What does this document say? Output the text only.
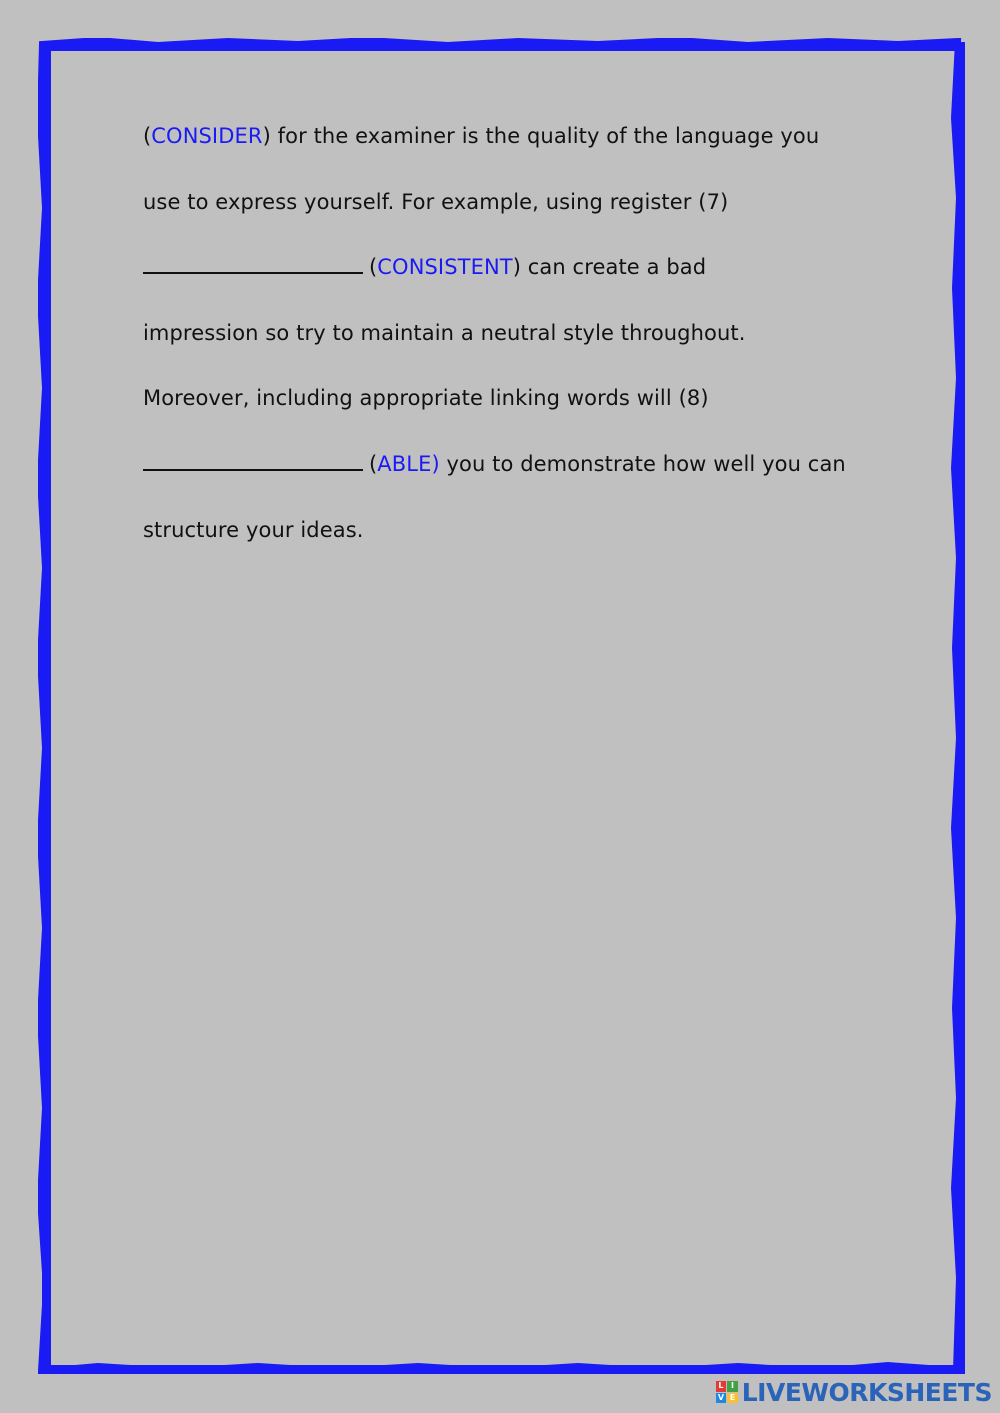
(CONSIDER) for the examiner is the quality of the language you
use to express yourself. For example, using register (7)
(CONSISTENT) can create a bad
impression so try to maintain a neutral style throughout.
Moreover, including appropriate linking words will (8)
(ABLE) you to demonstrate how well you can
structure your ideas.
L I
V E LIVEWORKSHEETS
